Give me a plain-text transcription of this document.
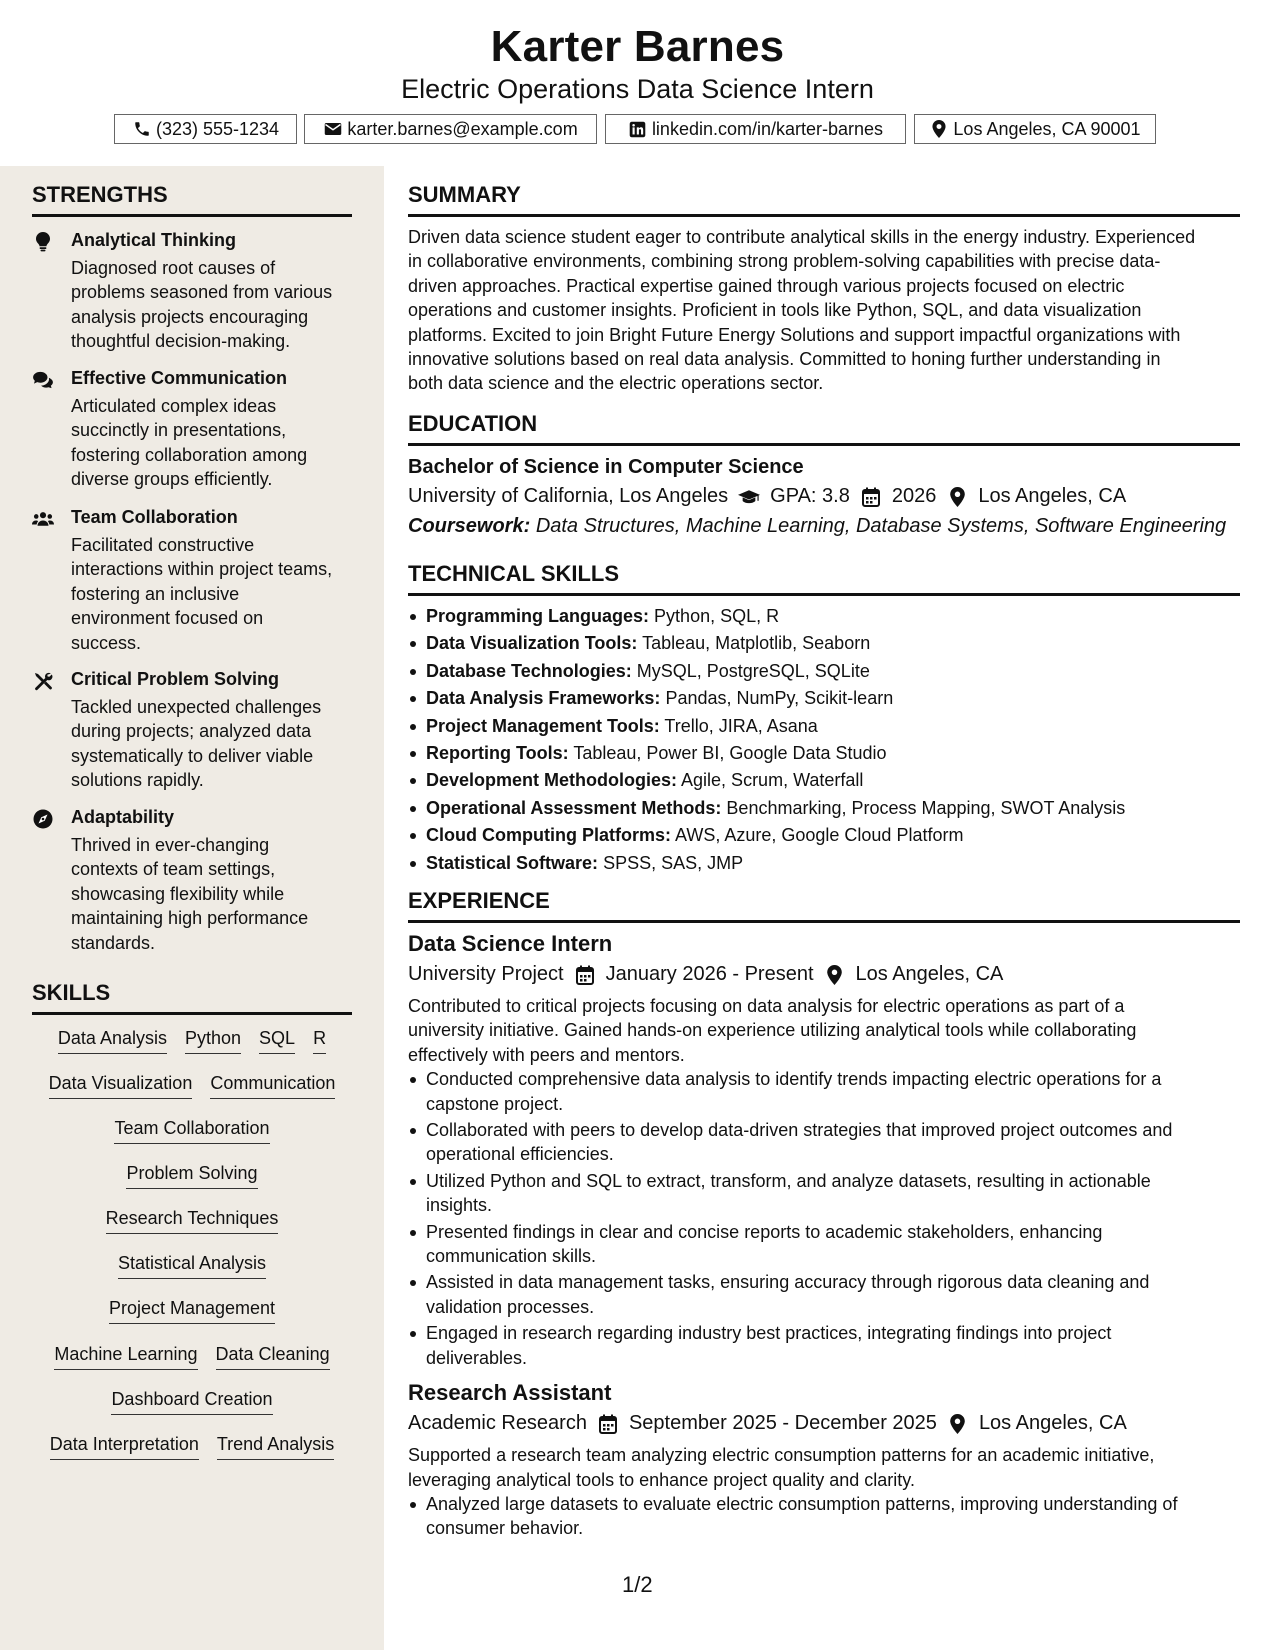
Karter Barnes
Electric Operations Data Science Intern
(323) 555-1234	karter.barnes@example.com	linkedin.com/in/karter-barnes	Los Angeles, CA 90001
STRENGTHS
Analytical Thinking
Diagnosed root causes of
problems seasoned from various
analysis projects encouraging
thoughtful decision-making.
Effective Communication
Articulated complex ideas
succinctly in presentations,
fostering collaboration among
diverse groups efficiently.
Team Collaboration
Facilitated constructive
interactions within project teams,
fostering an inclusive
environment focused on
success.
Critical Problem Solving
Tackled unexpected challenges
during projects; analyzed data
systematically to deliver viable
solutions rapidly.
Adaptability
Thrived in ever-changing
contexts of team settings,
showcasing flexibility while
maintaining high performance
standards.
SKILLS
Data Analysis Python SQL R
Data Visualization Communication
Team Collaboration
Problem Solving
Research Techniques
Statistical Analysis
Project Management
Machine Learning Data Cleaning
Dashboard Creation
Data Interpretation Trend Analysis
SUMMARY
Driven data science student eager to contribute analytical skills in the energy industry. Experienced
in collaborative environments, combining strong problem-solving capabilities with precise data-
driven approaches. Practical expertise gained through various projects focused on electric
operations and customer insights. Proficient in tools like Python, SQL, and data visualization
platforms. Excited to join Bright Future Energy Solutions and support impactful organizations with
innovative solutions based on real data analysis. Committed to honing further understanding in
both data science and the electric operations sector.
EDUCATION
Bachelor of Science in Computer Science
University of California, Los Angeles GPA: 3.8 2026 Los Angeles, CA
Coursework: Data Structures, Machine Learning, Database Systems, Software Engineering
TECHNICAL SKILLS
Programming Languages: Python, SQL, R
Data Visualization Tools: Tableau, Matplotlib, Seaborn
Database Technologies: MySQL, PostgreSQL, SQLite
Data Analysis Frameworks: Pandas, NumPy, Scikit-learn
Project Management Tools: Trello, JIRA, Asana
Reporting Tools: Tableau, Power BI, Google Data Studio
Development Methodologies: Agile, Scrum, Waterfall
Operational Assessment Methods: Benchmarking, Process Mapping, SWOT Analysis
Cloud Computing Platforms: AWS, Azure, Google Cloud Platform
Statistical Software: SPSS, SAS, JMP
EXPERIENCE
Data Science Intern
University Project January 2026 - Present Los Angeles, CA
Contributed to critical projects focusing on data analysis for electric operations as part of a
university initiative. Gained hands-on experience utilizing analytical tools while collaborating
effectively with peers and mentors.
Conducted comprehensive data analysis to identify trends impacting electric operations for a
capstone project.
Collaborated with peers to develop data-driven strategies that improved project outcomes and
operational efficiencies.
Utilized Python and SQL to extract, transform, and analyze datasets, resulting in actionable
insights.
Presented findings in clear and concise reports to academic stakeholders, enhancing
communication skills.
Assisted in data management tasks, ensuring accuracy through rigorous data cleaning and
validation processes.
Engaged in research regarding industry best practices, integrating findings into project
deliverables.
Research Assistant
Academic Research September 2025 - December 2025 Los Angeles, CA
Supported a research team analyzing electric consumption patterns for an academic initiative,
leveraging analytical tools to enhance project quality and clarity.
Analyzed large datasets to evaluate electric consumption patterns, improving understanding of
consumer behavior.
1/2
